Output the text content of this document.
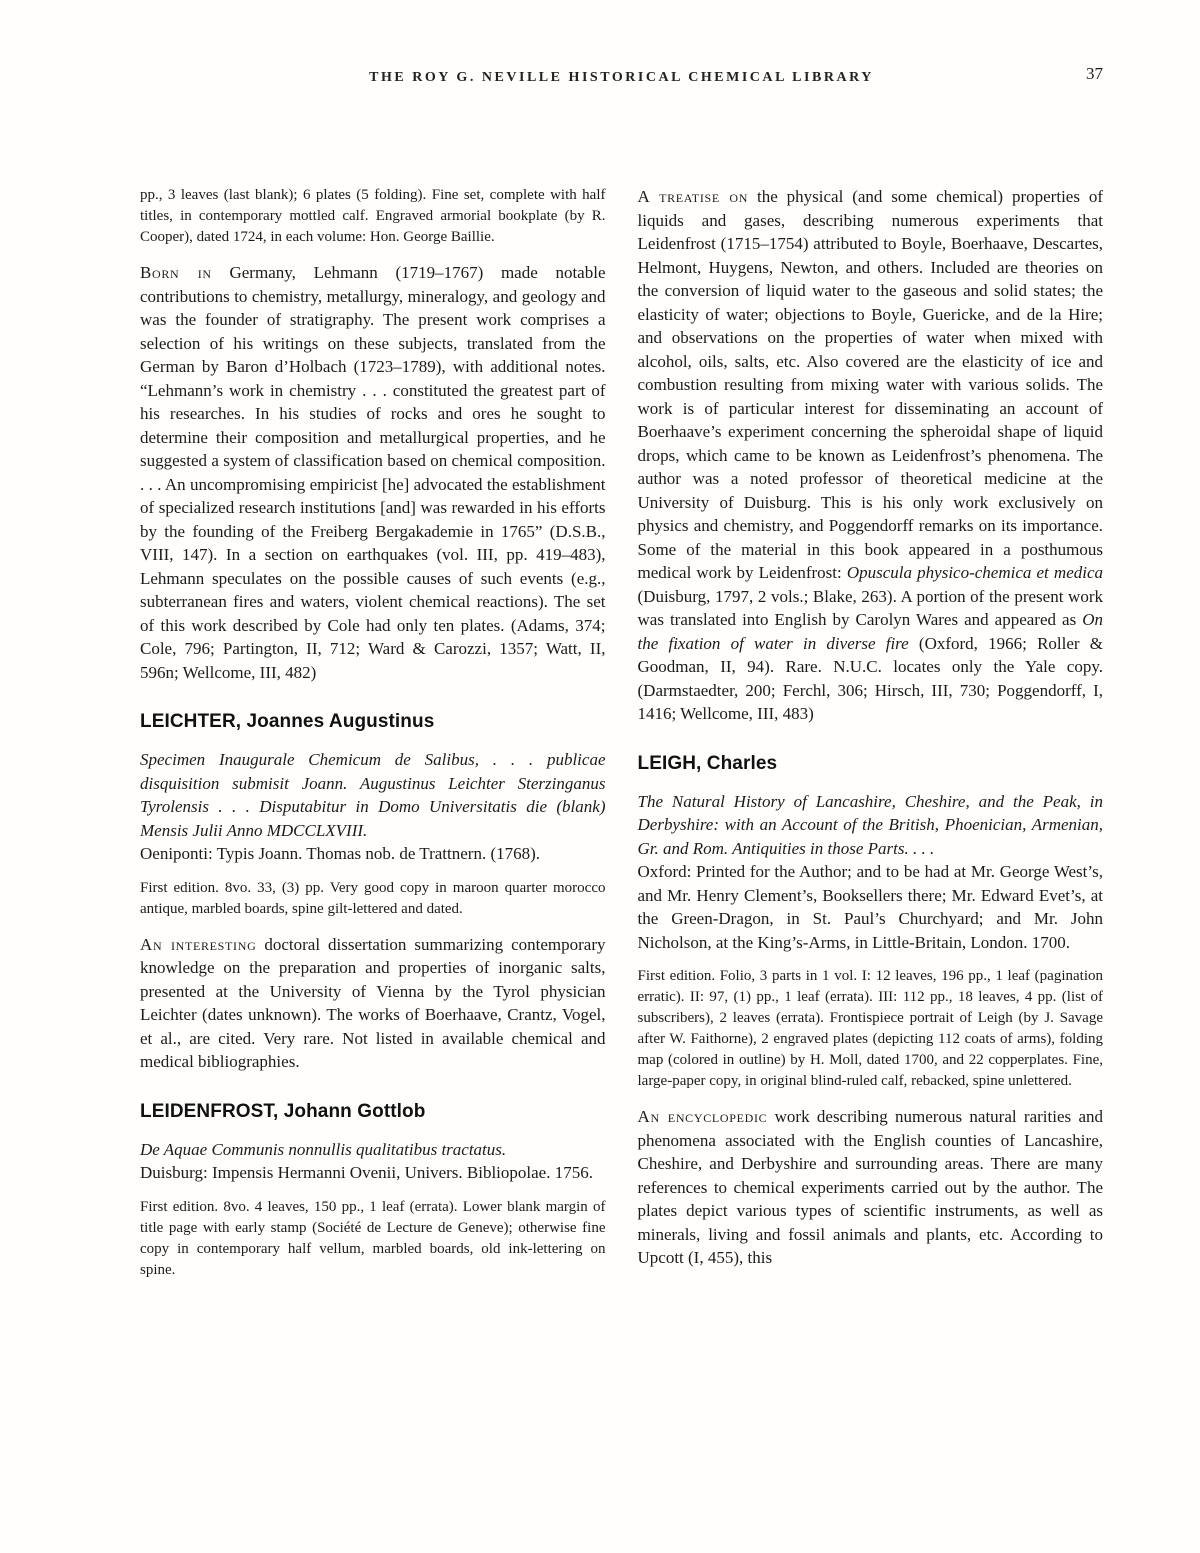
THE ROY G. NEVILLE HISTORICAL CHEMICAL LIBRARY	37

pp., 3 leaves (last blank); 6 plates (5 folding). Fine set, complete with half titles, in contemporary mottled calf. Engraved armorial bookplate (by R. Cooper), dated 1724, in each volume: Hon. George Baillie.

Born in Germany, Lehmann (1719–1767) made notable contributions to chemistry, metallurgy, mineralogy, and geology and was the founder of stratigraphy. The present work comprises a selection of his writings on these subjects, translated from the German by Baron d’Holbach (1723–1789), with additional notes. “Lehmann’s work in chemistry . . . constituted the greatest part of his researches. In his studies of rocks and ores he sought to determine their composition and metallurgical properties, and he suggested a system of classification based on chemical composition. . . . An uncompromising empiricist [he] advocated the establishment of specialized research institutions [and] was rewarded in his efforts by the founding of the Freiberg Bergakademie in 1765” (D.S.B., VIII, 147). In a section on earthquakes (vol. III, pp. 419–483), Lehmann speculates on the possible causes of such events (e.g., subterranean fires and waters, violent chemical reactions). The set of this work described by Cole had only ten plates. (Adams, 374; Cole, 796; Partington, II, 712; Ward & Carozzi, 1357; Watt, II, 596n; Wellcome, III, 482)

LEICHTER, Joannes Augustinus
Specimen Inaugurale Chemicum de Salibus, . . . publicae disquisition submisit Joann. Augustinus Leichter Sterzinganus Tyrolensis . . . Disputabitur in Domo Universitatis die (blank) Mensis Julii Anno MDCCLXVIII.
Oeniponti: Typis Joann. Thomas nob. de Trattnern. (1768).

First edition. 8vo. 33, (3) pp. Very good copy in maroon quarter morocco antique, marbled boards, spine gilt-lettered and dated.

An interesting doctoral dissertation summarizing contemporary knowledge on the preparation and properties of inorganic salts, presented at the University of Vienna by the Tyrol physician Leichter (dates unknown). The works of Boerhaave, Crantz, Vogel, et al., are cited. Very rare. Not listed in available chemical and medical bibliographies.

LEIDENFROST, Johann Gottlob
De Aquae Communis nonnullis qualitatibus tractatus.
Duisburg: Impensis Hermanni Ovenii, Univers. Bibliopolae. 1756.

First edition. 8vo. 4 leaves, 150 pp., 1 leaf (errata). Lower blank margin of title page with early stamp (Société de Lecture de Geneve); otherwise fine copy in contemporary half vellum, marbled boards, old ink-lettering on spine.

A treatise on the physical (and some chemical) properties of liquids and gases, describing numerous experiments that Leidenfrost (1715–1754) attributed to Boyle, Boerhaave, Descartes, Helmont, Huygens, Newton, and others. Included are theories on the conversion of liquid water to the gaseous and solid states; the elasticity of water; objections to Boyle, Guericke, and de la Hire; and observations on the properties of water when mixed with alcohol, oils, salts, etc. Also covered are the elasticity of ice and combustion resulting from mixing water with various solids. The work is of particular interest for disseminating an account of Boerhaave’s experiment concerning the spheroidal shape of liquid drops, which came to be known as Leidenfrost’s phenomena. The author was a noted professor of theoretical medicine at the University of Duisburg. This is his only work exclusively on physics and chemistry, and Poggendorff remarks on its importance. Some of the material in this book appeared in a posthumous medical work by Leidenfrost: Opuscula physico-chemica et medica (Duisburg, 1797, 2 vols.; Blake, 263). A portion of the present work was translated into English by Carolyn Wares and appeared as On the fixation of water in diverse fire (Oxford, 1966; Roller & Goodman, II, 94). Rare. N.U.C. locates only the Yale copy. (Darmstaedter, 200; Ferchl, 306; Hirsch, III, 730; Poggendorff, I, 1416; Wellcome, III, 483)

LEIGH, Charles
The Natural History of Lancashire, Cheshire, and the Peak, in Derbyshire: with an Account of the British, Phoenician, Armenian, Gr. and Rom. Antiquities in those Parts. . . .
Oxford: Printed for the Author; and to be had at Mr. George West’s, and Mr. Henry Clement’s, Booksellers there; Mr. Edward Evet’s, at the Green-Dragon, in St. Paul’s Churchyard; and Mr. John Nicholson, at the King’s-Arms, in Little-Britain, London. 1700.

First edition. Folio, 3 parts in 1 vol. I: 12 leaves, 196 pp., 1 leaf (pagination erratic). II: 97, (1) pp., 1 leaf (errata). III: 112 pp., 18 leaves, 4 pp. (list of subscribers), 2 leaves (errata). Frontispiece portrait of Leigh (by J. Savage after W. Faithorne), 2 engraved plates (depicting 112 coats of arms), folding map (colored in outline) by H. Moll, dated 1700, and 22 copperplates. Fine, large-paper copy, in original blind-ruled calf, rebacked, spine unlettered.

An encyclopedic work describing numerous natural rarities and phenomena associated with the English counties of Lancashire, Cheshire, and Derbyshire and surrounding areas. There are many references to chemical experiments carried out by the author. The plates depict various types of scientific instruments, as well as minerals, living and fossil animals and plants, etc. According to Upcott (I, 455), this
